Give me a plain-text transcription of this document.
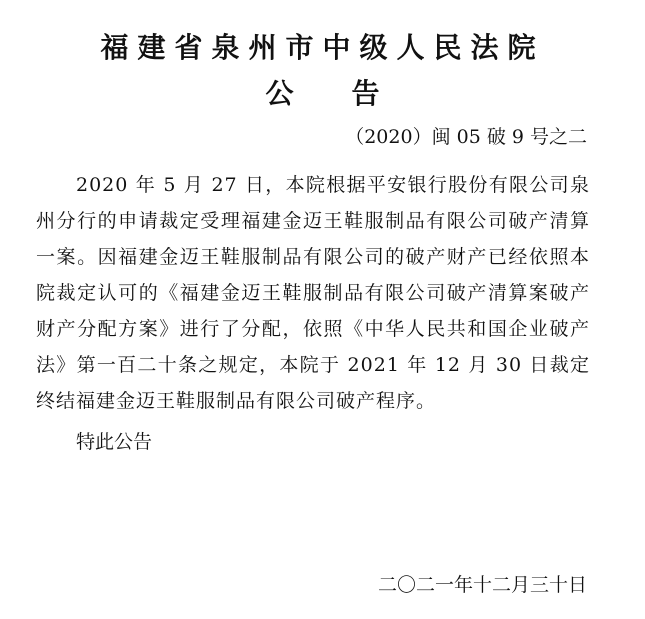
福建省泉州市中级人民法院
公告

（2020）闽 05 破 9 号之二

2020 年 5 月 27 日，本院根据平安银行股份有限公司泉州分行的申请裁定受理福建金迈王鞋服制品有限公司破产清算一案。因福建金迈王鞋服制品有限公司的破产财产已经依照本院裁定认可的《福建金迈王鞋服制品有限公司破产清算案破产财产分配方案》进行了分配，依照《中华人民共和国企业破产法》第一百二十条之规定，本院于 2021 年 12 月 30 日裁定终结福建金迈王鞋服制品有限公司破产程序。

特此公告

二〇二一年十二月三十日
